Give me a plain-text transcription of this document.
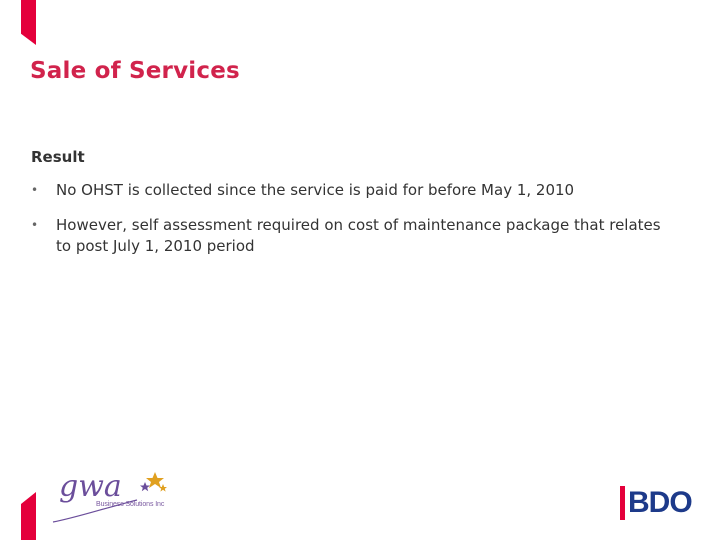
Sale of Services
Result
• No OHST is collected since the service is paid for before May 1, 2010
• However, self assessment required on cost of maintenance package that relates to post July 1, 2010 period
gwa
Business Solutions Inc	BDO
